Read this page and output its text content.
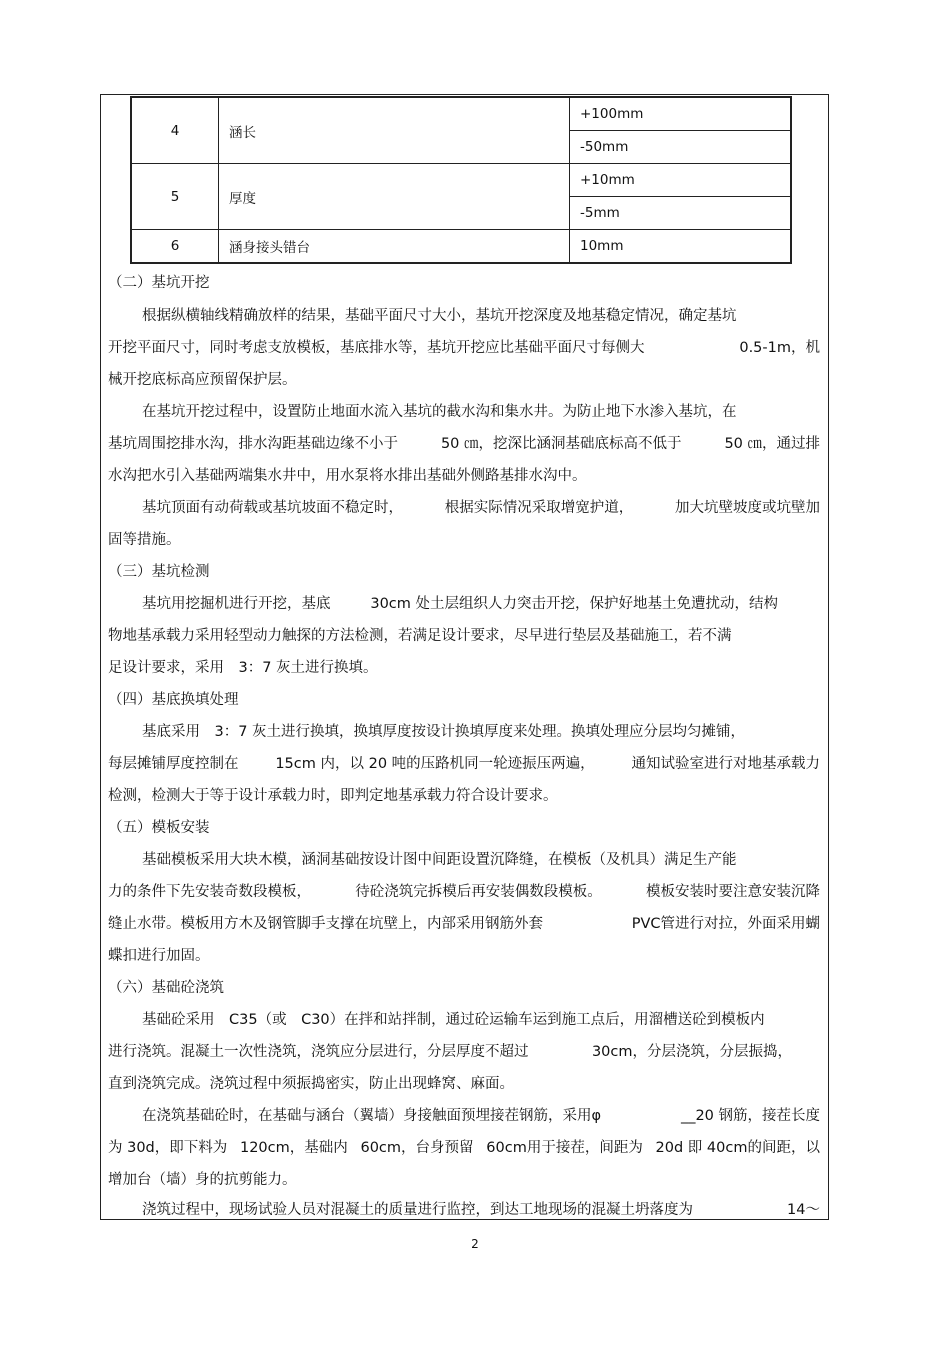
4	涵长	+100mm
		-50mm
5	厚度	+10mm
		-5mm
6	涵身接头错台	10mm
（二）基坑开挖
根据纵横轴线精确放样的结果，基础平面尺寸大小，基坑开挖深度及地基稳定情况，确定基坑
开挖平面尺寸，同时考虑支放模板，基底排水等，基坑开挖应比基础平面尺寸每侧大	0.5-1m，机
械开挖底标高应预留保护层。
在基坑开挖过程中，设置防止地面水流入基坑的截水沟和集水井。为防止地下水渗入基坑，在
基坑周围挖排水沟，排水沟距基础边缘不小于	50 ㎝，挖深比涵洞基础底标高不低于	50 ㎝，通过排
水沟把水引入基础两端集水井中，用水泵将水排出基础外侧路基排水沟中。
基坑顶面有动荷载或基坑坡面不稳定时，	根据实际情况采取增宽护道，	加大坑壁坡度或坑壁加
固等措施。
（三）基坑检测
基坑用挖掘机进行开挖，基底	30cm 处土层组织人力突击开挖，保护好地基土免遭扰动，结构
物地基承载力采用轻型动力触探的方法检测，若满足设计要求，尽早进行垫层及基础施工，若不满
足设计要求，采用　3：7 灰土进行换填。
（四）基底换填处理
基底采用　3：7 灰土进行换填，换填厚度按设计换填厚度来处理。换填处理应分层均匀摊铺，
每层摊铺厚度控制在	15cm 内，以 20 吨的压路机同一轮迹振压两遍，	通知试验室进行对地基承载力
检测，检测大于等于设计承载力时，即判定地基承载力符合设计要求。
（五）模板安装
基础模板采用大块木模，涵洞基础按设计图中间距设置沉降缝，在模板（及机具）满足生产能
力的条件下先安装奇数段模板，	待砼浇筑完拆模后再安装偶数段模板。	模板安装时要注意安装沉降
缝止水带。模板用方木及钢管脚手支撑在坑壁上，内部采用钢筋外套	PVC管进行对拉，外面采用蝴
蝶扣进行加固。
（六）基础砼浇筑
基础砼采用　C35（或　C30）在拌和站拌制，通过砼运输车运到施工点后，用溜槽送砼到模板内
进行浇筑。混凝土一次性浇筑，浇筑应分层进行，分层厚度不超过	30cm，分层浇筑，分层振捣，
直到浇筑完成。浇筑过程中须振捣密实，防止出现蜂窝、麻面。
在浇筑基础砼时，在基础与涵台（翼墙）身接触面预埋接茬钢筋，采用φ	__20 钢筋，接茬长度
为 30d，即下料为 120cm，基础内 60cm，台身预留 60cm用于接茬，间距为 20d 即 40cm的间距，以
增加台（墙）身的抗剪能力。
浇筑过程中，现场试验人员对混凝土的质量进行监控，到达工地现场的混凝土坍落度为	14～
2
